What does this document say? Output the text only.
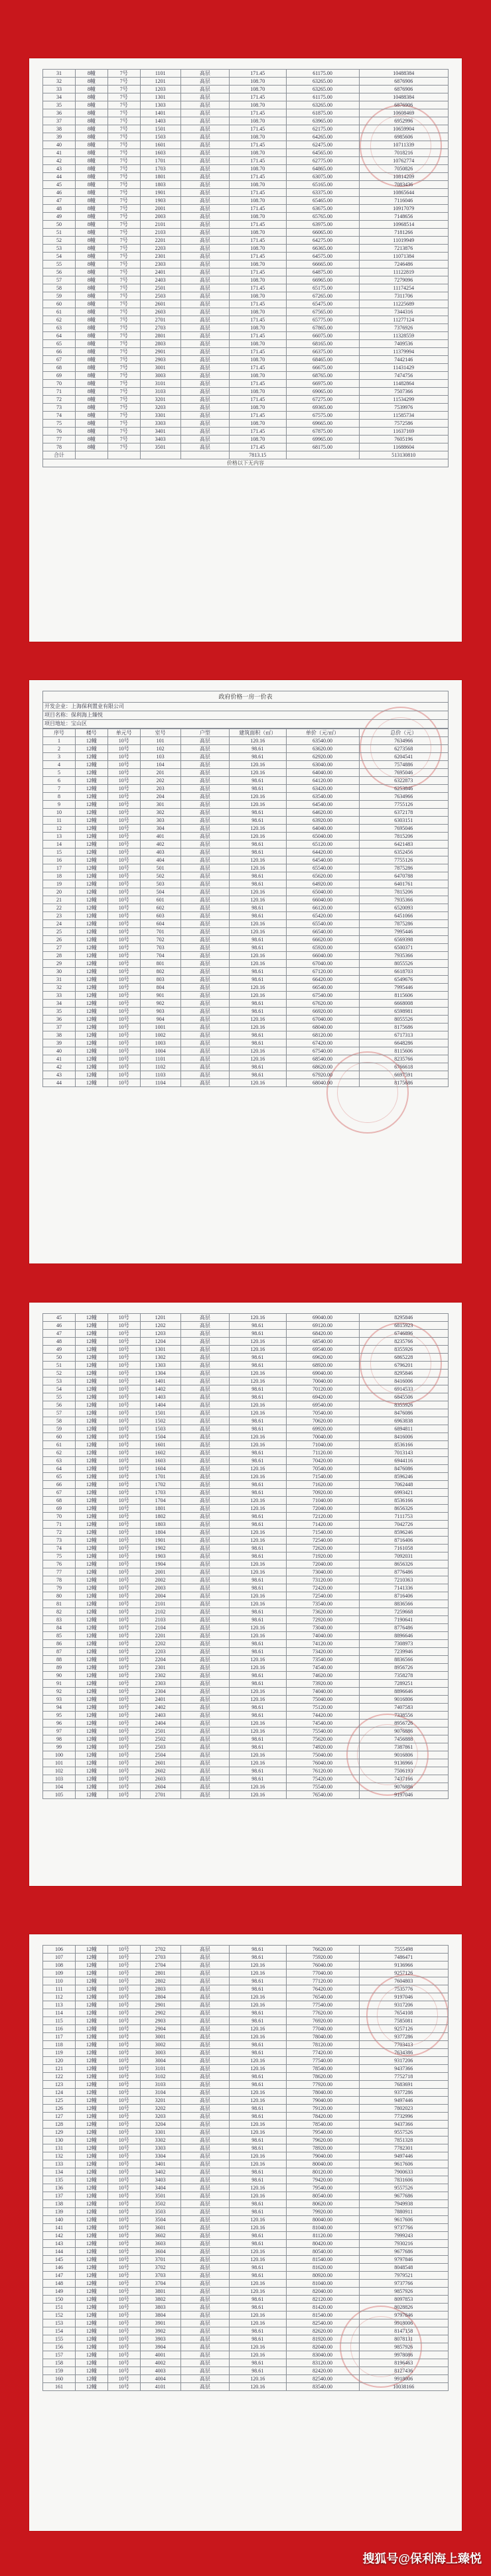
31	8幢	7号	1101	高层	171.45	61175.00	10488384
32	8幢	7号	1201	高层	108.70	63265.00	6876906
33	8幢	7号	1203	高层	108.70	63265.00	6876906
34	8幢	7号	1301	高层	171.45	61175.00	10488384
35	8幢	7号	1303	高层	108.70	63265.00	6876906
36	8幢	7号	1401	高层	171.45	61875.00	10608469
37	8幢	7号	1403	高层	108.70	63965.00	6952996
38	8幢	7号	1501	高层	171.45	62175.00	10659904
39	8幢	7号	1503	高层	108.70	64265.00	6985606
40	8幢	7号	1601	高层	171.45	62475.00	10711339
41	8幢	7号	1603	高层	108.70	64565.00	7018216
42	8幢	7号	1701	高层	171.45	62775.00	10762774
43	8幢	7号	1703	高层	108.70	64865.00	7050826
44	8幢	7号	1801	高层	171.45	63075.00	10814209
45	8幢	7号	1803	高层	108.70	65165.00	7083436
46	8幢	7号	1901	高层	171.45	63375.00	10865644
47	8幢	7号	1903	高层	108.70	65465.00	7116046
48	8幢	7号	2001	高层	171.45	63675.00	10917079
49	8幢	7号	2003	高层	108.70	65765.00	7148656
50	8幢	7号	2101	高层	171.45	63975.00	10968514
51	8幢	7号	2103	高层	108.70	66065.00	7181266
52	8幢	7号	2201	高层	171.45	64275.00	11019949
53	8幢	7号	2203	高层	108.70	66365.00	7213876
54	8幢	7号	2301	高层	171.45	64575.00	11071384
55	8幢	7号	2303	高层	108.70	66665.00	7246486
56	8幢	7号	2401	高层	171.45	64875.00	11122819
57	8幢	7号	2403	高层	108.70	66965.00	7279096
58	8幢	7号	2501	高层	171.45	65175.00	11174254
59	8幢	7号	2503	高层	108.70	67265.00	7311706
60	8幢	7号	2601	高层	171.45	65475.00	11225689
61	8幢	7号	2603	高层	108.70	67565.00	7344316
62	8幢	7号	2701	高层	171.45	65775.00	11277124
63	8幢	7号	2703	高层	108.70	67865.00	7376926
64	8幢	7号	2801	高层	171.45	66075.00	11328559
65	8幢	7号	2803	高层	108.70	68165.00	7409536
66	8幢	7号	2901	高层	171.45	66375.00	11379994
67	8幢	7号	2903	高层	108.70	68465.00	7442146
68	8幢	7号	3001	高层	171.45	66675.00	11431429
69	8幢	7号	3003	高层	108.70	68765.00	7474756
70	8幢	7号	3101	高层	171.45	66975.00	11482864
71	8幢	7号	3103	高层	108.70	69065.00	7507366
72	8幢	7号	3201	高层	171.45	67275.00	11534299
73	8幢	7号	3203	高层	108.70	69365.00	7539976
74	8幢	7号	3301	高层	171.45	67575.00	11585734
75	8幢	7号	3303	高层	108.70	69665.00	7572586
76	8幢	7号	3401	高层	171.45	67875.00	11637169
77	8幢	7号	3403	高层	108.70	69965.00	7605196
78	8幢	7号	3501	高层	171.45	68175.00	11688604
合计					7813.15		513130810
价格以下无内容							
政府价格一房一价表
开发企业：上海保利置业有限公司
项目名称：保利海上臻悦
项目地址：宝山区
序号	楼号	单元号	室号	户型	建筑面积（㎡）	单价（元/㎡）	总价（元）
1	12幢	10号	101	高层	120.16	63540.00	7634966
2	12幢	10号	102	高层	98.61	63620.00	6273568
3	12幢	10号	103	高层	98.61	62920.00	6204541
4	12幢	10号	104	高层	120.16	63040.00	7574886
5	12幢	10号	201	高层	120.16	64040.00	7695046
6	12幢	10号	202	高层	98.61	64120.00	6322873
7	12幢	10号	203	高层	98.61	63420.00	6253846
8	12幢	10号	204	高层	120.16	63540.00	7634966
9	12幢	10号	301	高层	120.16	64540.00	7755126
10	12幢	10号	302	高层	98.61	64620.00	6372178
11	12幢	10号	303	高层	98.61	63920.00	6303151
12	12幢	10号	304	高层	120.16	64040.00	7695046
13	12幢	10号	401	高层	120.16	65040.00	7815206
14	12幢	10号	402	高层	98.61	65120.00	6421483
15	12幢	10号	403	高层	98.61	64420.00	6352456
16	12幢	10号	404	高层	120.16	64540.00	7755126
17	12幢	10号	501	高层	120.16	65540.00	7875286
18	12幢	10号	502	高层	98.61	65620.00	6470788
19	12幢	10号	503	高层	98.61	64920.00	6401761
20	12幢	10号	504	高层	120.16	65040.00	7815206
21	12幢	10号	601	高层	120.16	66040.00	7935366
22	12幢	10号	602	高层	98.61	66120.00	6520093
23	12幢	10号	603	高层	98.61	65420.00	6451066
24	12幢	10号	604	高层	120.16	65540.00	7875286
25	12幢	10号	701	高层	120.16	66540.00	7995446
26	12幢	10号	702	高层	98.61	66620.00	6569398
27	12幢	10号	703	高层	98.61	65920.00	6500371
28	12幢	10号	704	高层	120.16	66040.00	7935366
29	12幢	10号	801	高层	120.16	67040.00	8055526
30	12幢	10号	802	高层	98.61	67120.00	6618703
31	12幢	10号	803	高层	98.61	66420.00	6549676
32	12幢	10号	804	高层	120.16	66540.00	7995446
33	12幢	10号	901	高层	120.16	67540.00	8115606
34	12幢	10号	902	高层	98.61	67620.00	6668008
35	12幢	10号	903	高层	98.61	66920.00	6598981
36	12幢	10号	904	高层	120.16	67040.00	8055526
37	12幢	10号	1001	高层	120.16	68040.00	8175686
38	12幢	10号	1002	高层	98.61	68120.00	6717313
39	12幢	10号	1003	高层	98.61	67420.00	6648286
40	12幢	10号	1004	高层	120.16	67540.00	8115606
41	12幢	10号	1101	高层	120.16	68540.00	8235766
42	12幢	10号	1102	高层	98.61	68620.00	6766618
43	12幢	10号	1103	高层	98.61	67920.00	6697591
44	12幢	10号	1104	高层	120.16	68040.00	8175686
45	12幢	10号	1201	高层	120.16	69040.00	8295846
46	12幢	10号	1202	高层	98.61	69120.00	6815923
47	12幢	10号	1203	高层	98.61	68420.00	6746896
48	12幢	10号	1204	高层	120.16	68540.00	8235766
49	12幢	10号	1301	高层	120.16	69540.00	8355926
50	12幢	10号	1302	高层	98.61	69620.00	6865228
51	12幢	10号	1303	高层	98.61	68920.00	6796201
52	12幢	10号	1304	高层	120.16	69040.00	8295846
53	12幢	10号	1401	高层	120.16	70040.00	8416006
54	12幢	10号	1402	高层	98.61	70120.00	6914533
55	12幢	10号	1403	高层	98.61	69420.00	6845506
56	12幢	10号	1404	高层	120.16	69540.00	8355926
57	12幢	10号	1501	高层	120.16	70540.00	8476086
58	12幢	10号	1502	高层	98.61	70620.00	6963838
59	12幢	10号	1503	高层	98.61	69920.00	6894811
60	12幢	10号	1504	高层	120.16	70040.00	8416006
61	12幢	10号	1601	高层	120.16	71040.00	8536166
62	12幢	10号	1602	高层	98.61	71120.00	7013143
63	12幢	10号	1603	高层	98.61	70420.00	6944116
64	12幢	10号	1604	高层	120.16	70540.00	8476086
65	12幢	10号	1701	高层	120.16	71540.00	8596246
66	12幢	10号	1702	高层	98.61	71620.00	7062448
67	12幢	10号	1703	高层	98.61	70920.00	6993421
68	12幢	10号	1704	高层	120.16	71040.00	8536166
69	12幢	10号	1801	高层	120.16	72040.00	8656326
70	12幢	10号	1802	高层	98.61	72120.00	7111753
71	12幢	10号	1803	高层	98.61	71420.00	7042726
72	12幢	10号	1804	高层	120.16	71540.00	8596246
73	12幢	10号	1901	高层	120.16	72540.00	8716406
74	12幢	10号	1902	高层	98.61	72620.00	7161058
75	12幢	10号	1903	高层	98.61	71920.00	7092031
76	12幢	10号	1904	高层	120.16	72040.00	8656326
77	12幢	10号	2001	高层	120.16	73040.00	8776486
78	12幢	10号	2002	高层	98.61	73120.00	7210363
79	12幢	10号	2003	高层	98.61	72420.00	7141336
80	12幢	10号	2004	高层	120.16	72540.00	8716406
81	12幢	10号	2101	高层	120.16	73540.00	8836566
82	12幢	10号	2102	高层	98.61	73620.00	7259668
83	12幢	10号	2103	高层	98.61	72920.00	7190641
84	12幢	10号	2104	高层	120.16	73040.00	8776486
85	12幢	10号	2201	高层	120.16	74040.00	8896646
86	12幢	10号	2202	高层	98.61	74120.00	7308973
87	12幢	10号	2203	高层	98.61	73420.00	7239946
88	12幢	10号	2204	高层	120.16	73540.00	8836566
89	12幢	10号	2301	高层	120.16	74540.00	8956726
90	12幢	10号	2302	高层	98.61	74620.00	7358278
91	12幢	10号	2303	高层	98.61	73920.00	7289251
92	12幢	10号	2304	高层	120.16	74040.00	8896646
93	12幢	10号	2401	高层	120.16	75040.00	9016806
94	12幢	10号	2402	高层	98.61	75120.00	7407583
95	12幢	10号	2403	高层	98.61	74420.00	7338556
96	12幢	10号	2404	高层	120.16	74540.00	8956726
97	12幢	10号	2501	高层	120.16	75540.00	9076886
98	12幢	10号	2502	高层	98.61	75620.00	7456888
99	12幢	10号	2503	高层	98.61	74920.00	7387861
100	12幢	10号	2504	高层	120.16	75040.00	9016806
101	12幢	10号	2601	高层	120.16	76040.00	9136966
102	12幢	10号	2602	高层	98.61	76120.00	7506193
103	12幢	10号	2603	高层	98.61	75420.00	7437166
104	12幢	10号	2604	高层	120.16	75540.00	9076886
105	12幢	10号	2701	高层	120.16	76540.00	9197046
106	12幢	10号	2702	高层	98.61	76620.00	7555498
107	12幢	10号	2703	高层	98.61	75920.00	7486471
108	12幢	10号	2704	高层	120.16	76040.00	9136966
109	12幢	10号	2801	高层	120.16	77040.00	9257126
110	12幢	10号	2802	高层	98.61	77120.00	7604803
111	12幢	10号	2803	高层	98.61	76420.00	7535776
112	12幢	10号	2804	高层	120.16	76540.00	9197046
113	12幢	10号	2901	高层	120.16	77540.00	9317206
114	12幢	10号	2902	高层	98.61	77620.00	7654108
115	12幢	10号	2903	高层	98.61	76920.00	7585081
116	12幢	10号	2904	高层	120.16	77040.00	9257126
117	12幢	10号	3001	高层	120.16	78040.00	9377286
118	12幢	10号	3002	高层	98.61	78120.00	7703413
119	12幢	10号	3003	高层	98.61	77420.00	7634386
120	12幢	10号	3004	高层	120.16	77540.00	9317206
121	12幢	10号	3101	高层	120.16	78540.00	9437366
122	12幢	10号	3102	高层	98.61	78620.00	7752718
123	12幢	10号	3103	高层	98.61	77920.00	7683691
124	12幢	10号	3104	高层	120.16	78040.00	9377286
125	12幢	10号	3201	高层	120.16	79040.00	9497446
126	12幢	10号	3202	高层	98.61	79120.00	7802023
127	12幢	10号	3203	高层	98.61	78420.00	7732996
128	12幢	10号	3204	高层	120.16	78540.00	9437366
129	12幢	10号	3301	高层	120.16	79540.00	9557526
130	12幢	10号	3302	高层	98.61	79620.00	7851328
131	12幢	10号	3303	高层	98.61	78920.00	7782301
132	12幢	10号	3304	高层	120.16	79040.00	9497446
133	12幢	10号	3401	高层	120.16	80040.00	9617606
134	12幢	10号	3402	高层	98.61	80120.00	7900633
135	12幢	10号	3403	高层	98.61	79420.00	7831606
136	12幢	10号	3404	高层	120.16	79540.00	9557526
137	12幢	10号	3501	高层	120.16	80540.00	9677686
138	12幢	10号	3502	高层	98.61	80620.00	7949938
139	12幢	10号	3503	高层	98.61	79920.00	7880911
140	12幢	10号	3504	高层	120.16	80040.00	9617606
141	12幢	10号	3601	高层	120.16	81040.00	9737766
142	12幢	10号	3602	高层	98.61	81120.00	7999243
143	12幢	10号	3603	高层	98.61	80420.00	7930216
144	12幢	10号	3604	高层	120.16	80540.00	9677686
145	12幢	10号	3701	高层	120.16	81540.00	9797846
146	12幢	10号	3702	高层	98.61	81620.00	8048548
147	12幢	10号	3703	高层	98.61	80920.00	7979521
148	12幢	10号	3704	高层	120.16	81040.00	9737766
149	12幢	10号	3801	高层	120.16	82040.00	9857926
150	12幢	10号	3802	高层	98.61	82120.00	8097853
151	12幢	10号	3803	高层	98.61	81420.00	8028826
152	12幢	10号	3804	高层	120.16	81540.00	9797846
153	12幢	10号	3901	高层	120.16	82540.00	9918006
154	12幢	10号	3902	高层	98.61	82620.00	8147158
155	12幢	10号	3903	高层	98.61	81920.00	8078131
156	12幢	10号	3904	高层	120.16	82040.00	9857926
157	12幢	10号	4001	高层	120.16	83040.00	9978086
158	12幢	10号	4002	高层	98.61	83120.00	8196463
159	12幢	10号	4003	高层	98.61	82420.00	8127436
160	12幢	10号	4004	高层	120.16	82540.00	9918006
161	12幢	10号	4101	高层	120.16	83540.00	10038166
搜狐号@保利海上臻悦
